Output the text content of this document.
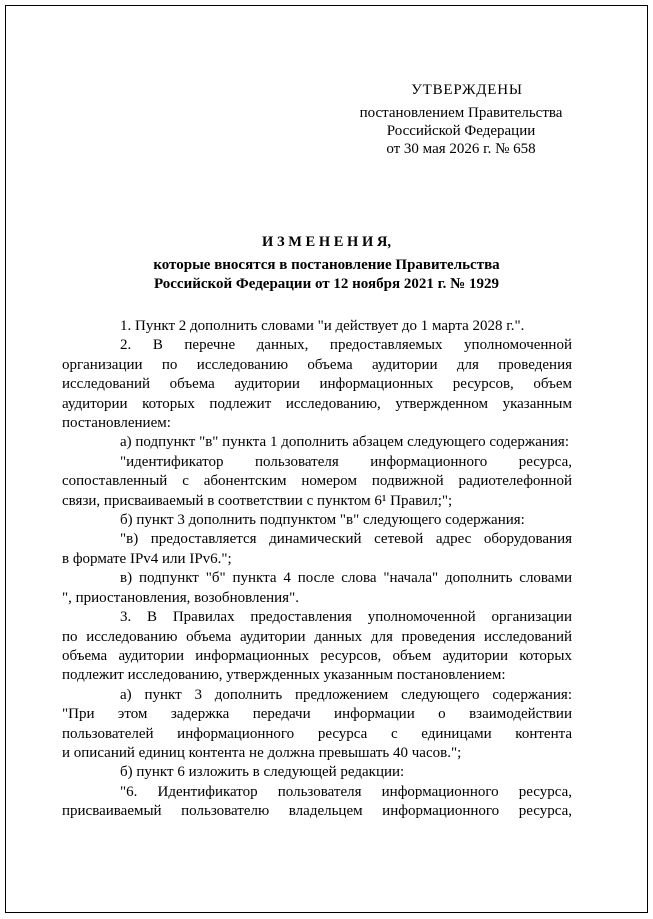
УТВЕРЖДЕНЫ
постановлением Правительства
Российской Федерации
от 30 мая 2026 г. № 658
И З М Е Н Е Н И Я,
которые вносятся в постановление Правительства
Российской Федерации от 12 ноября 2021 г. № 1929
1. Пункт 2 дополнить словами "и действует до 1 марта 2028 г.".
2. В перечне данных, предоставляемых уполномоченной
организации по исследованию объема аудитории для проведения
исследований объема аудитории информационных ресурсов, объем
аудитории которых подлежит исследованию, утвержденном указанным
постановлением:
а) подпункт "в" пункта 1 дополнить абзацем следующего содержания:
"идентификатор пользователя информационного ресурса,
сопоставленный с абонентским номером подвижной радиотелефонной
связи, присваиваемый в соответствии с пунктом 6¹ Правил;";
б) пункт 3 дополнить подпунктом "в" следующего содержания:
"в) предоставляется динамический сетевой адрес оборудования
в формате IPv4 или IPv6.";
в) подпункт "б" пункта 4 после слова "начала" дополнить словами
", приостановления, возобновления".
3. В Правилах предоставления уполномоченной организации
по исследованию объема аудитории данных для проведения исследований
объема аудитории информационных ресурсов, объем аудитории которых
подлежит исследованию, утвержденных указанным постановлением:
а) пункт 3 дополнить предложением следующего содержания:
"При этом задержка передачи информации о взаимодействии
пользователей информационного ресурса с единицами контента
и описаний единиц контента не должна превышать 40 часов.";
б) пункт 6 изложить в следующей редакции:
"6. Идентификатор пользователя информационного ресурса,
присваиваемый пользователю владельцем информационного ресурса,
